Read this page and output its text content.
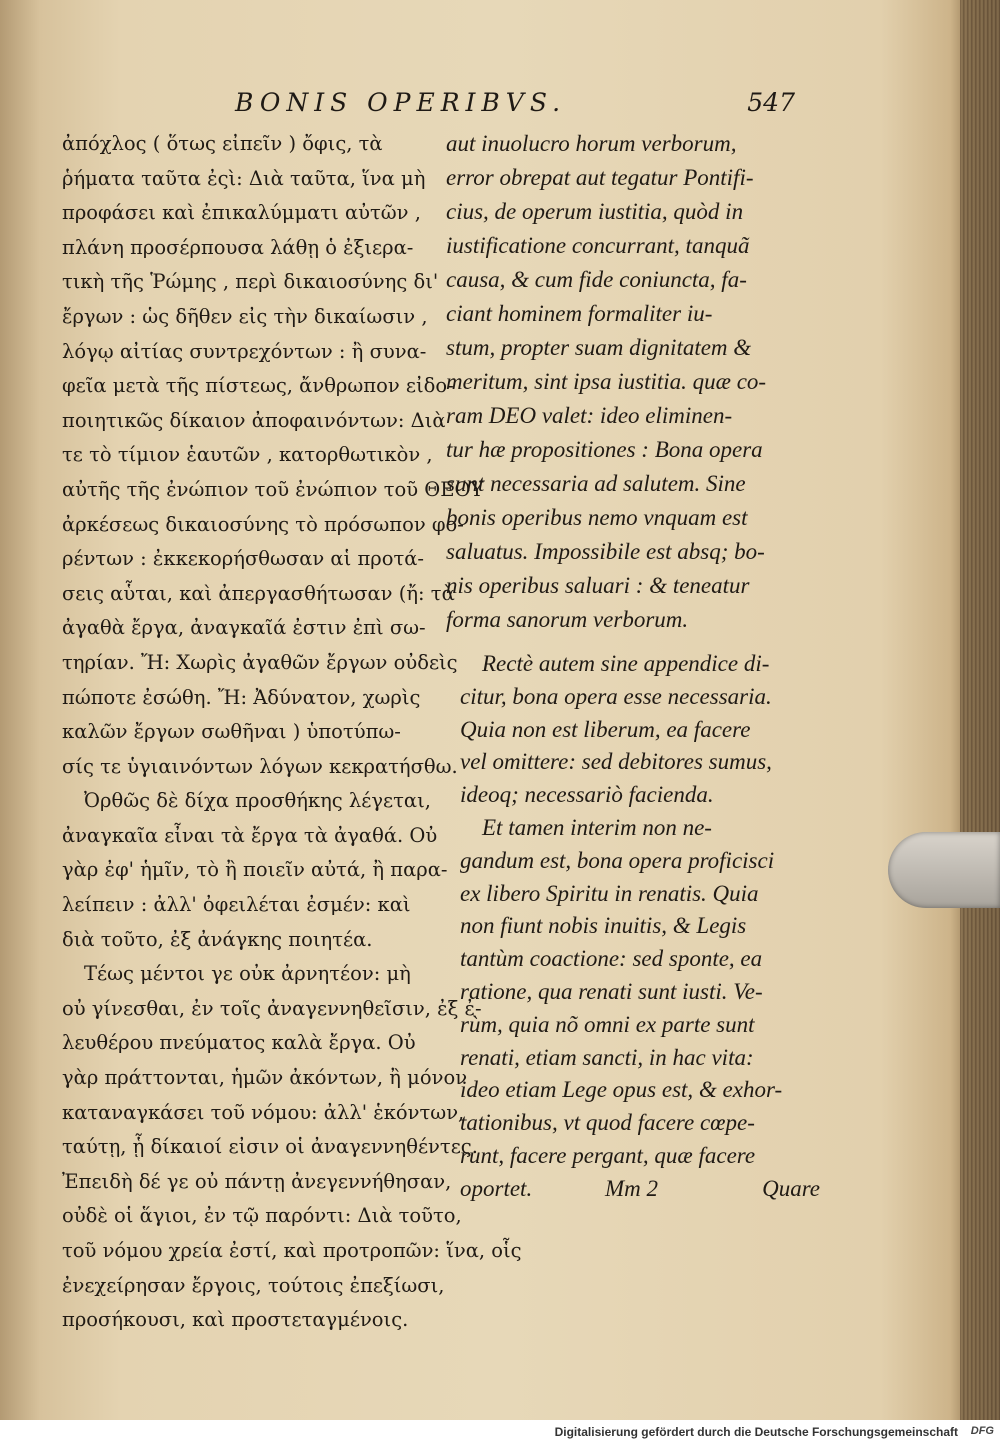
BONIS OPERIBVS.	547
ἀπόχλος ( ὅτως εἰπεῖν ) ὄφις, τὰ
ῥήματα ταῦτα ἐςὶ: Διὰ ταῦτα, ἵνα μὴ
προφάσει καὶ ἐπικαλύμματι αὐτῶν ,
πλάνη προσέρπουσα λάθῃ ὁ ἐξιερα-
τικὴ τῆς Ῥώμης , περὶ δικαιοσύνης δι'
ἔργων : ὡς δῆθεν εἰς τὴν δικαίωσιν ,
λόγῳ αἰτίας συντρεχόντων : ἢ συνα-
φεῖα μετὰ τῆς πίστεως, ἄνθρωπον εἰδο-
ποιητικῶς δίκαιον ἀποφαινόντων: Διὰ
τε τὸ τίμιον ἑαυτῶν , κατορθωτικὸν ,
αὐτῆς τῆς ἐνώπιον τοῦ ἐνώπιον τοῦ ΘΕΟΥ
ἀρκέσεως δικαιοσύνης τὸ πρόσωπον φο-
ρέντων : ἐκκεκορήσθωσαν αἱ προτά-
σεις αὗται, καὶ ἀπεργασθήτωσαν (ἤ: τὰ
ἀγαθὰ ἔργα, ἀναγκαῖά ἐστιν ἐπὶ σω-
τηρίαν. Ἤ: Χωρὶς ἀγαθῶν ἔργων οὐδεὶς
πώποτε ἐσώθη. Ἤ: Ἀδύνατον, χωρὶς
καλῶν ἔργων σωθῆναι ) ὑποτύπω-
σίς τε ὑγιαινόντων λόγων κεκρατήσθω.
Ὀρθῶς δὲ δίχα προσθήκης λέγεται,
ἀναγκαῖα εἶναι τὰ ἔργα τὰ ἀγαθά. Οὐ
γὰρ ἐφ' ἡμῖν, τὸ ἢ ποιεῖν αὐτά, ἢ παρα-
λείπειν : ἀλλ' ὀφειλέται ἐσμέν: καὶ
διὰ τοῦτο, ἐξ ἀνάγκης ποιητέα.
Τέως μέντοι γε οὐκ ἀρνητέον: μὴ
οὐ γίνεσθαι, ἐν τοῖς ἀναγεννηθεῖσιν, ἐξ ἐ-
λευθέρου πνεύματος καλὰ ἔργα. Οὐ
γὰρ πράττονται, ἡμῶν ἀκόντων, ἢ μόνον
καταναγκάσει τοῦ νόμου: ἀλλ' ἑκόντων,
ταύτῃ, ᾗ δίκαιοί εἰσιν οἱ ἀναγεννηθέντες.
Ἐπειδὴ δέ γε οὐ πάντῃ ἀνεγεννήθησαν,
οὐδὲ οἱ ἅγιοι, ἐν τῷ παρόντι: Διὰ τοῦτο,
τοῦ νόμου χρεία ἐστί, καὶ προτροπῶν: ἵνα, οἷς
ἐνεχείρησαν ἔργοις, τούτοις ἐπεξίωσι,
προσήκουσι, καὶ προστεταγμένοις.
aut inuolucro horum verborum,
error obrepat aut tegatur Pontifi-
cius, de operum iustitia, quòd in
iustificatione concurrant, tanquã
causa, & cum fide coniuncta, fa-
ciant hominem formaliter iu-
stum, propter suam dignitatem &
meritum, sint ipsa iustitia. quæ co-
ram DEO valet: ideo eliminen-
tur hæ propositiones : Bona opera
sunt necessaria ad salutem. Sine
bonis operibus nemo vnquam est
saluatus. Impossibile est absq; bo-
nis operibus saluari : & teneatur
forma sanorum verborum.
Rectè autem sine appendice di-
citur, bona opera esse necessaria.
Quia non est liberum, ea facere
vel omittere: sed debitores sumus,
ideoq; necessariò facienda.
Et tamen interim non ne-
gandum est, bona opera proficisci
ex libero Spiritu in renatis. Quia
non fiunt nobis inuitis, & Legis
tantùm coactione: sed sponte, ea
ratione, qua renati sunt iusti. Ve-
rùm, quia nõ omni ex parte sunt
renati, etiam sancti, in hac vita:
ideo etiam Lege opus est, & exhor-
tationibus, vt quod facere cœpe-
runt, facere pergant, quæ facere
oportet.	Mm 2	Quare
Digitalisierung gefördert durch die Deutsche Forschungsgemeinschaft DFG
